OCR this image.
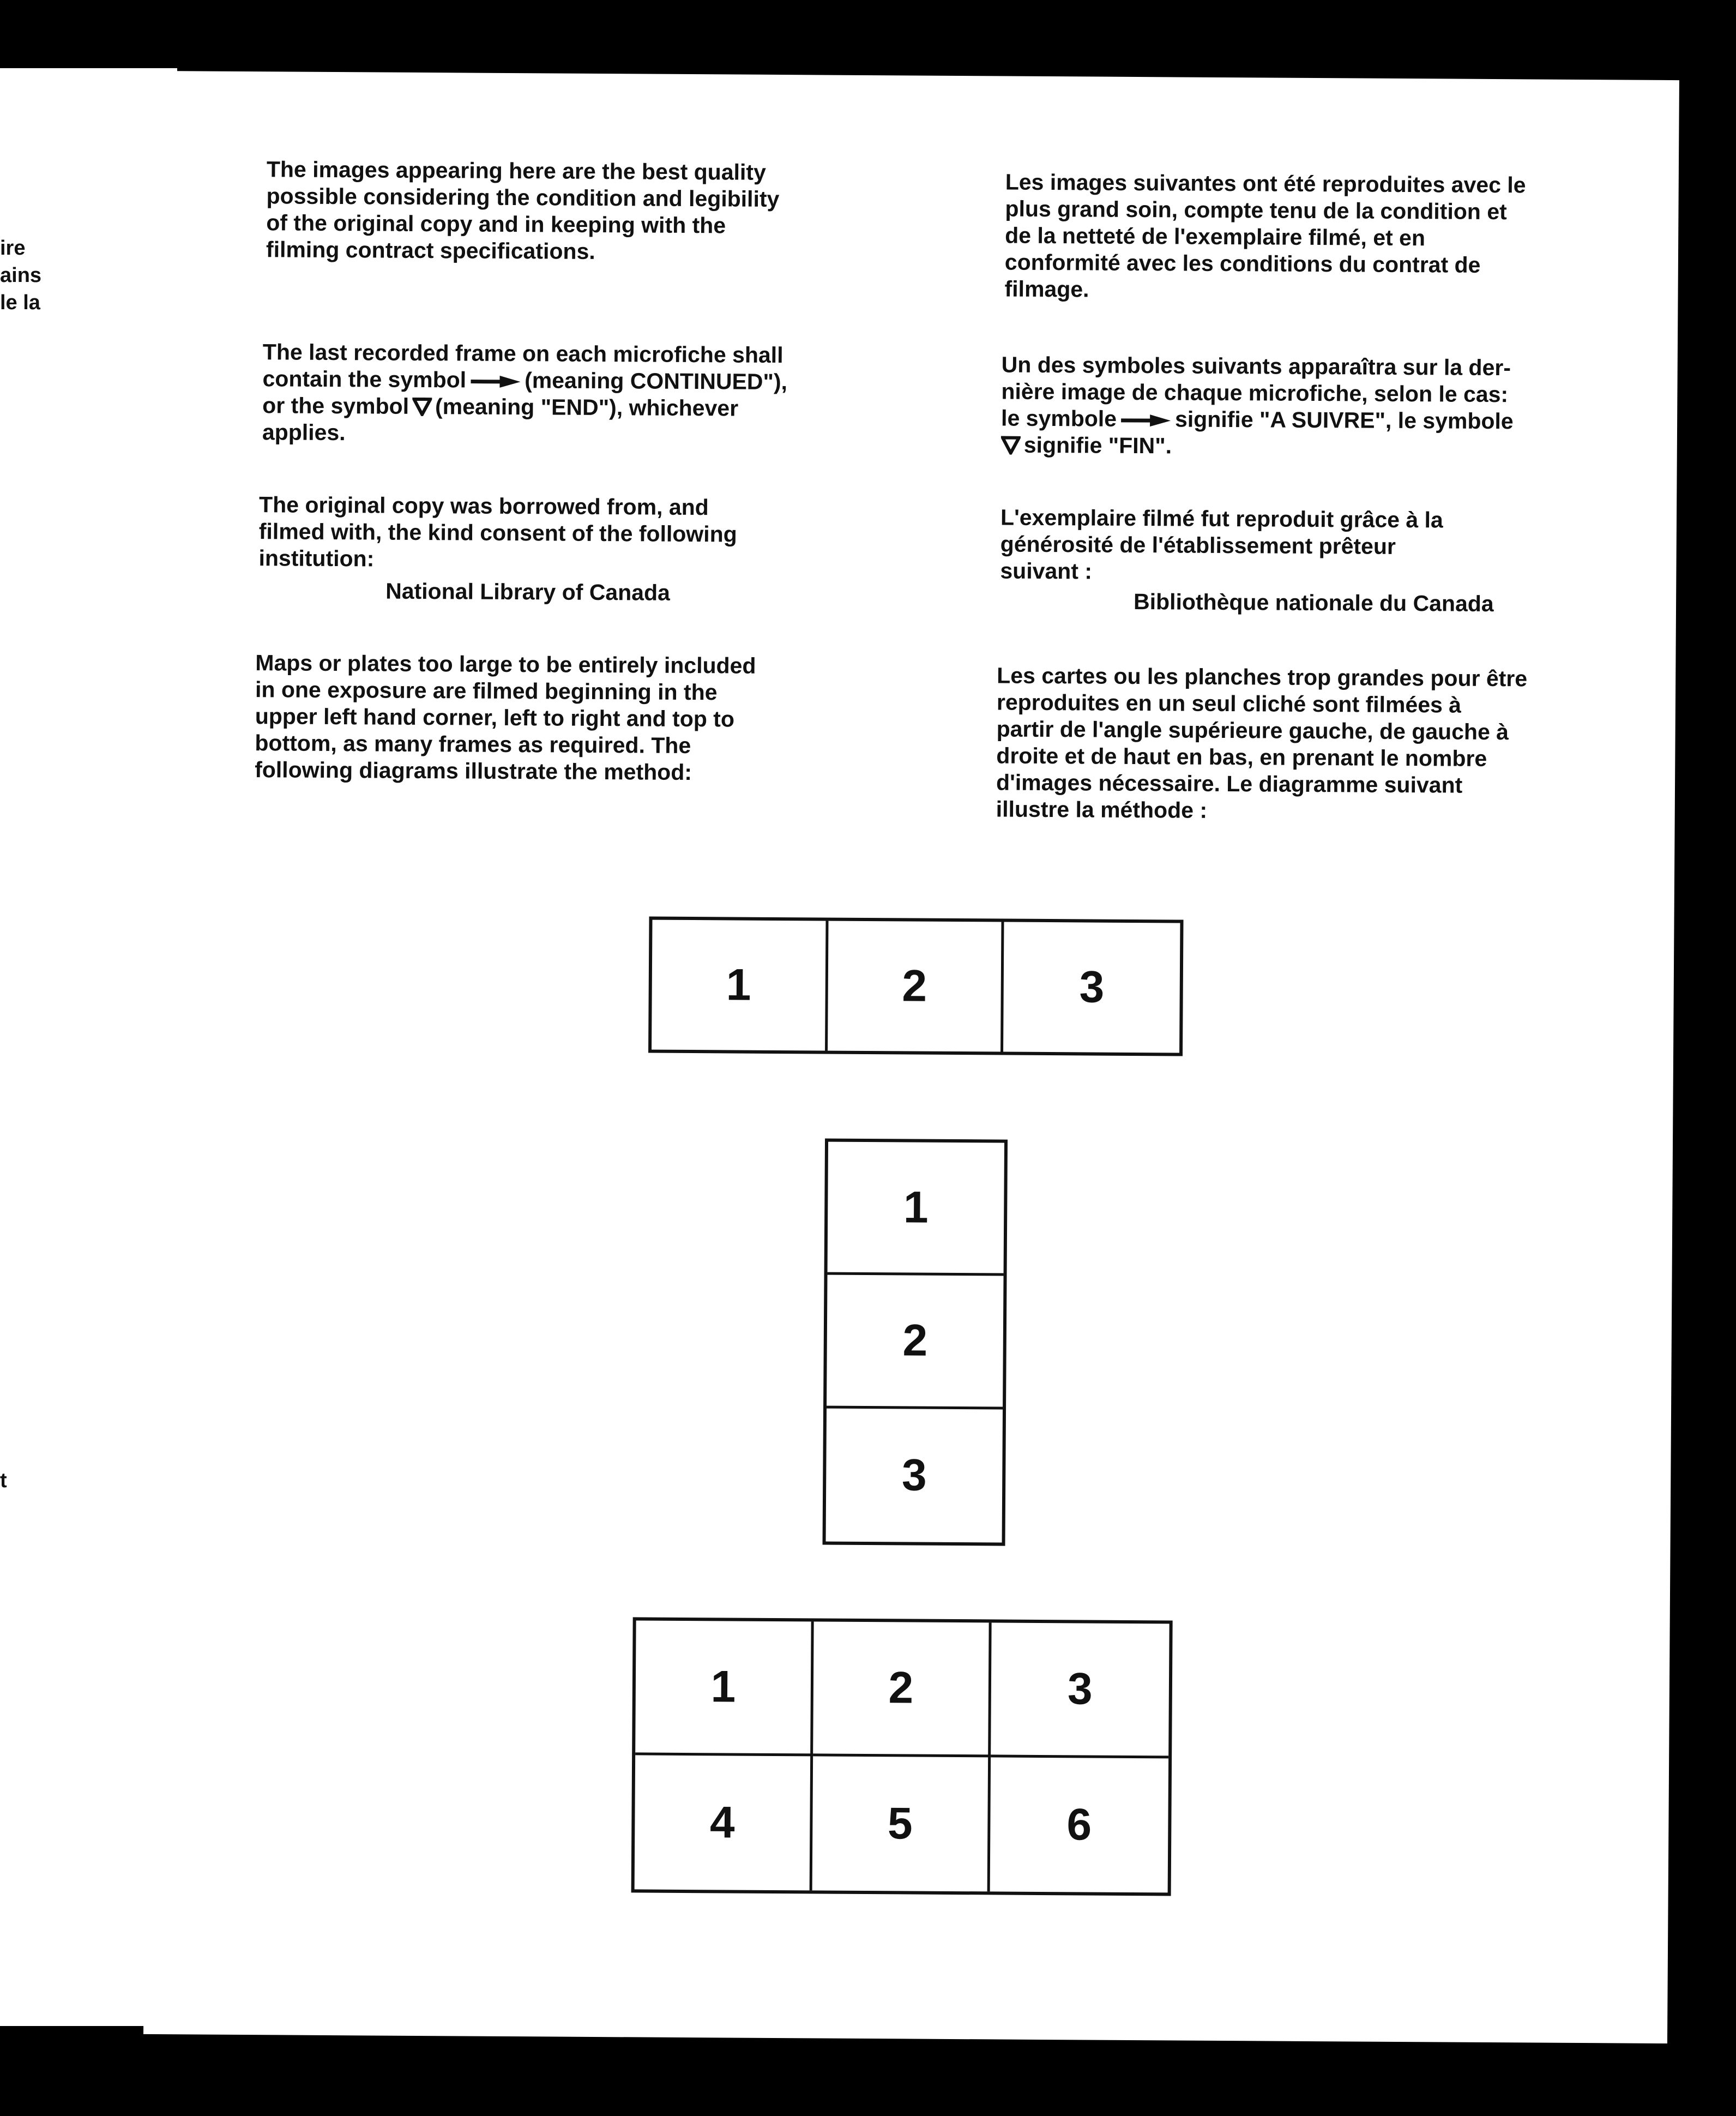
ire
ains
le la
t

The images appearing here are the best quality
possible considering the condition and legibility
of the original copy and in keeping with the
filming contract specifications.

The last recorded frame on each microfiche shall
contain the symbol	(meaning CONTINUED"),
or the symbol (meaning "END"), whichever
applies.

The original copy was borrowed from, and
filmed with, the kind consent of the following
institution:

National Library of Canada

Maps or plates too large to be entirely included
in one exposure are filmed beginning in the
upper left hand corner, left to right and top to
bottom, as many frames as required. The
following diagrams illustrate the method:

Les images suivantes ont été reproduites avec le
plus grand soin, compte tenu de la condition et
de la netteté de l'exemplaire filmé, et en
conformité avec les conditions du contrat de
filmage.

Un des symboles suivants apparaîtra sur la der-
nière image de chaque microfiche, selon le cas:
le symbole	signifie "A SUIVRE", le symbole
signifie "FIN".

L'exemplaire filmé fut reproduit grâce à la
générosité de l'établissement prêteur
suivant :

Bibliothèque nationale du Canada

Les cartes ou les planches trop grandes pour être
reproduites en un seul cliché sont filmées à
partir de l'angle supérieure gauche, de gauche à
droite et de haut en bas, en prenant le nombre
d'images nécessaire. Le diagramme suivant
illustre la méthode :

1	2	3
1
2
3
1	2	3
4	5	6
